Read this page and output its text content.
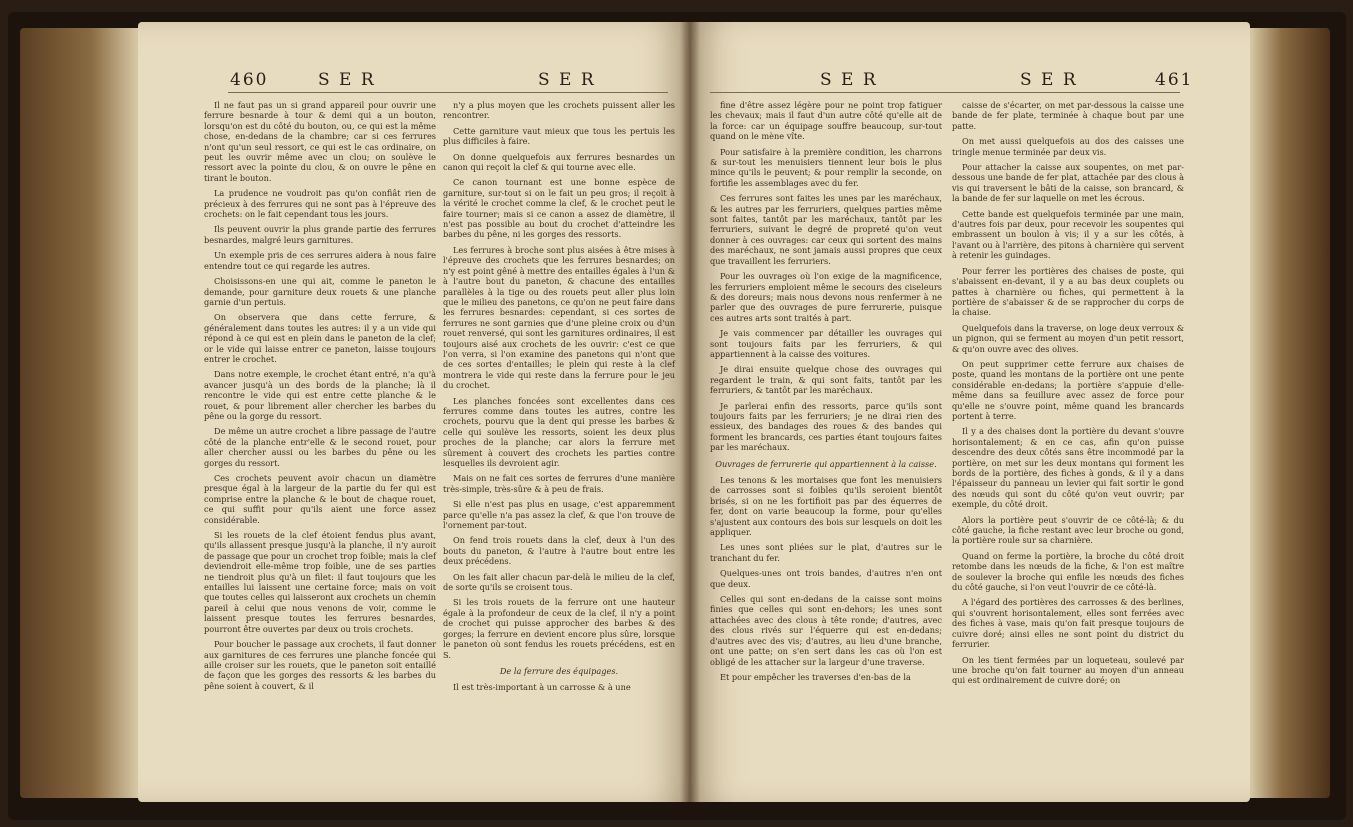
460	S E R	S E R

Il ne faut pas un si grand appareil pour ouvrir une ferrure besnarde à tour & demi qui a un bouton, lorsqu'on est du côté du bouton, ou, ce qui est la même chose, en-dedans de la chambre; car si ces ferrures n'ont qu'un seul ressort, ce qui est le cas ordinaire, on peut les ouvrir même avec un clou; on soulève le ressort avec la pointe du clou, & on ouvre le pêne en tirant le bouton.

La prudence ne voudroit pas qu'on confiât rien de précieux à des ferrures qui ne sont pas à l'épreuve des crochets: on le fait cependant tous les jours.

Ils peuvent ouvrir la plus grande partie des ferrures besnardes, malgré leurs garnitures.

Un exemple pris de ces serrures aidera à nous faire entendre tout ce qui regarde les autres.

Choisissons-en une qui ait, comme le paneton le demande, pour garniture deux rouets & une planche garnie d'un pertuis.

On observera que dans cette ferrure, & généralement dans toutes les autres: il y a un vide qui répond à ce qui est en plein dans le paneton de la clef; or le vide qui laisse entrer ce paneton, laisse toujours entrer le crochet.

Dans notre exemple, le crochet étant entré, n'a qu'à avancer jusqu'à un des bords de la planche; là il rencontre le vide qui est entre cette planche & le rouet, & pour librement aller chercher les barbes du pêne ou la gorge du ressort.

De même un autre crochet a libre passage de l'autre côté de la planche entr'elle & le second rouet, pour aller chercher aussi ou les barbes du pêne ou les gorges du ressort.

Ces crochets peuvent avoir chacun un diamètre presque égal à la largeur de la partie du fer qui est comprise entre la planche & le bout de chaque rouet, ce qui suffit pour qu'ils aient une force assez considérable.

Si les rouets de la clef étoient fendus plus avant, qu'ils allassent presque jusqu'à la planche, il n'y auroit de passage que pour un crochet trop foible; mais la clef deviendroit elle-même trop foible, une de ses parties ne tiendroit plus qu'à un filet: il faut toujours que les entailles lui laissent une certaine force; mais on voit que toutes celles qui laisseront aux crochets un chemin pareil à celui que nous venons de voir, comme le laissent presque toutes les ferrures besnardes, pourront être ouvertes par deux ou trois crochets.

Pour boucher le passage aux crochets, il faut donner aux garnitures de ces ferrures une planche foncée qui aille croiser sur les rouets, que le paneton soit entaillé de façon que les gorges des ressorts & les barbes du pêne soient à couvert, & il

n'y a plus moyen que les crochets puissent aller les rencontrer.

Cette garniture vaut mieux que tous les pertuis les plus difficiles à faire.

On donne quelquefois aux ferrures besnardes un canon qui reçoit la clef & qui tourne avec elle.

Ce canon tournant est une bonne espèce de garniture, sur-tout si on le fait un peu gros; il reçoit à la vérité le crochet comme la clef, & le crochet peut le faire tourner; mais si ce canon a assez de diamètre, il n'est pas possible au bout du crochet d'atteindre les barbes du pêne, ni les gorges des ressorts.

Les ferrures à broche sont plus aisées à être mises à l'épreuve des crochets que les ferrures besnardes; on n'y est point gêné à mettre des entailles égales à l'un & à l'autre bout du paneton, & chacune des entailles parallèles à la tige ou des rouets peut aller plus loin que le milieu des panetons, ce qu'on ne peut faire dans les ferrures besnardes: cependant, si ces sortes de ferrures ne sont garnies que d'une pleine croix ou d'un rouet renversé, qui sont les garnitures ordinaires, il est toujours aisé aux crochets de les ouvrir: c'est ce que l'on verra, si l'on examine des panetons qui n'ont que de ces sortes d'entailles; le plein qui reste à la clef montrera le vide qui reste dans la ferrure pour le jeu du crochet.

Les planches foncées sont excellentes dans ces ferrures comme dans toutes les autres, contre les crochets, pourvu que la dent qui presse les barbes & celle qui soulève les ressorts, soient les deux plus proches de la planche; car alors la ferrure met sûrement à couvert des crochets les parties contre lesquelles ils devroient agir.

Mais on ne fait ces sortes de ferrures d'une manière très-simple, très-sûre & à peu de frais.

Si elle n'est pas plus en usage, c'est apparemment parce qu'elle n'a pas assez la clef, & que l'on trouve de l'ornement par-tout.

On fend trois rouets dans la clef, deux à l'un des bouts du paneton, & l'autre à l'autre bout entre les deux précédens.

On les fait aller chacun par-delà le milieu de la clef, de sorte qu'ils se croisent tous.

Si les trois rouets de la ferrure ont une hauteur égale à la profondeur de ceux de la clef, il n'y a point de crochet qui puisse approcher des barbes & des gorges; la ferrure en devient encore plus sûre, lorsque le paneton où sont fendus les rouets précédens, est en S.

De la ferrure des équipages.

Il est très-important à un carrosse & à une

S E R	S E R	461

fine d'être assez légère pour ne point trop fatiguer les chevaux; mais il faut d'un autre côté qu'elle ait de la force: car un équipage souffre beaucoup, sur-tout quand on le mène vîte.

Pour satisfaire à la première condition, les charrons & sur-tout les menuisiers tiennent leur bois le plus mince qu'ils le peuvent; & pour remplir la seconde, on fortifie les assemblages avec du fer.

Ces ferrures sont faites les unes par les maréchaux, & les autres par les ferruriers, quelques parties même sont faites, tantôt par les maréchaux, tantôt par les ferruriers, suivant le degré de propreté qu'on veut donner à ces ouvrages: car ceux qui sortent des mains des maréchaux, ne sont jamais aussi propres que ceux que travaillent les ferruriers.

Pour les ouvrages où l'on exige de la magnificence, les ferruriers emploient même le secours des ciseleurs & des doreurs; mais nous devons nous renfermer à ne parler que des ouvrages de pure ferrurerie, puisque ces autres arts sont traités à part.

Je vais commencer par détailler les ouvrages qui sont toujours faits par les ferruriers, & qui appartiennent à la caisse des voitures.

Je dirai ensuite quelque chose des ouvrages qui regardent le train, & qui sont faits, tantôt par les ferruriers, & tantôt par les maréchaux.

Je parlerai enfin des ressorts, parce qu'ils sont toujours faits par les ferruriers; je ne dirai rien des essieux, des bandages des roues & des bandes qui forment les brancards, ces parties étant toujours faites par les maréchaux.

Ouvrages de ferrurerie qui appartiennent à la caisse.

Les tenons & les mortaises que font les menuisiers de carrosses sont si foibles qu'ils seroient bientôt brisés, si on ne les fortifioit pas par des équerres de fer, dont on varie beaucoup la forme, pour qu'elles s'ajustent aux contours des bois sur lesquels on doit les appliquer.

Les unes sont pliées sur le plat, d'autres sur le tranchant du fer.

Quelques-unes ont trois bandes, d'autres n'en ont que deux.

Celles qui sont en-dedans de la caisse sont moins finies que celles qui sont en-dehors; les unes sont attachées avec des clous à tête ronde; d'autres, avec des clous rivés sur l'équerre qui est en-dedans; d'autres avec des vis; d'autres, au lieu d'une branche, ont une patte; on s'en sert dans les cas où l'on est obligé de les attacher sur la largeur d'une traverse.

Et pour empêcher les traverses d'en-bas de la

caisse de s'écarter, on met par-dessous la caisse une bande de fer plate, terminée à chaque bout par une patte.

On met aussi quelquefois au dos des caisses une tringle menue terminée par deux vis.

Pour attacher la caisse aux soupentes, on met par-dessous une bande de fer plat, attachée par des clous à vis qui traversent le bâti de la caisse, son brancard, & la bande de fer sur laquelle on met les écrous.

Cette bande est quelquefois terminée par une main, d'autres fois par deux, pour recevoir les soupentes qui embrassent un boulon à vis; il y a sur les côtés, à l'avant ou à l'arrière, des pitons à charnière qui servent à retenir les guindages.

Pour ferrer les portières des chaises de poste, qui s'abaissent en-devant, il y a au bas deux couplets ou pattes à charnière ou fiches, qui permettent à la portière de s'abaisser & de se rapprocher du corps de la chaise.

Quelquefois dans la traverse, on loge deux verroux & un pignon, qui se ferment au moyen d'un petit ressort, & qu'on ouvre avec des olives.

On peut supprimer cette ferrure aux chaises de poste, quand les montans de la portière ont une pente considérable en-dedans; la portière s'appuie d'elle-même dans sa feuillure avec assez de force pour qu'elle ne s'ouvre point, même quand les brancards portent à terre.

Il y a des chaises dont la portière du devant s'ouvre horisontalement; & en ce cas, afin qu'on puisse descendre des deux côtés sans être incommodé par la portière, on met sur les deux montans qui forment les bords de la portière, des fiches à gonds, & il y a dans l'épaisseur du panneau un levier qui fait sortir le gond des nœuds qui sont du côté qu'on veut ouvrir; par exemple, du côté droit.

Alors la portière peut s'ouvrir de ce côté-là; & du côté gauche, la fiche restant avec leur broche ou gond, la portière roule sur sa charnière.

Quand on ferme la portière, la broche du côté droit retombe dans les nœuds de la fiche, & l'on est maître de soulever la broche qui enfile les nœuds des fiches du côté gauche, si l'on veut l'ouvrir de ce côté-là.

A l'égard des portières des carrosses & des berlines, qui s'ouvrent horisontalement, elles sont ferrées avec des fiches à vase, mais qu'on fait presque toujours de cuivre doré; ainsi elles ne sont point du district du ferrurier.

On les tient fermées par un loqueteau, soulevé par une broche qu'on fait tourner au moyen d'un anneau qui est ordinairement de cuivre doré; on
